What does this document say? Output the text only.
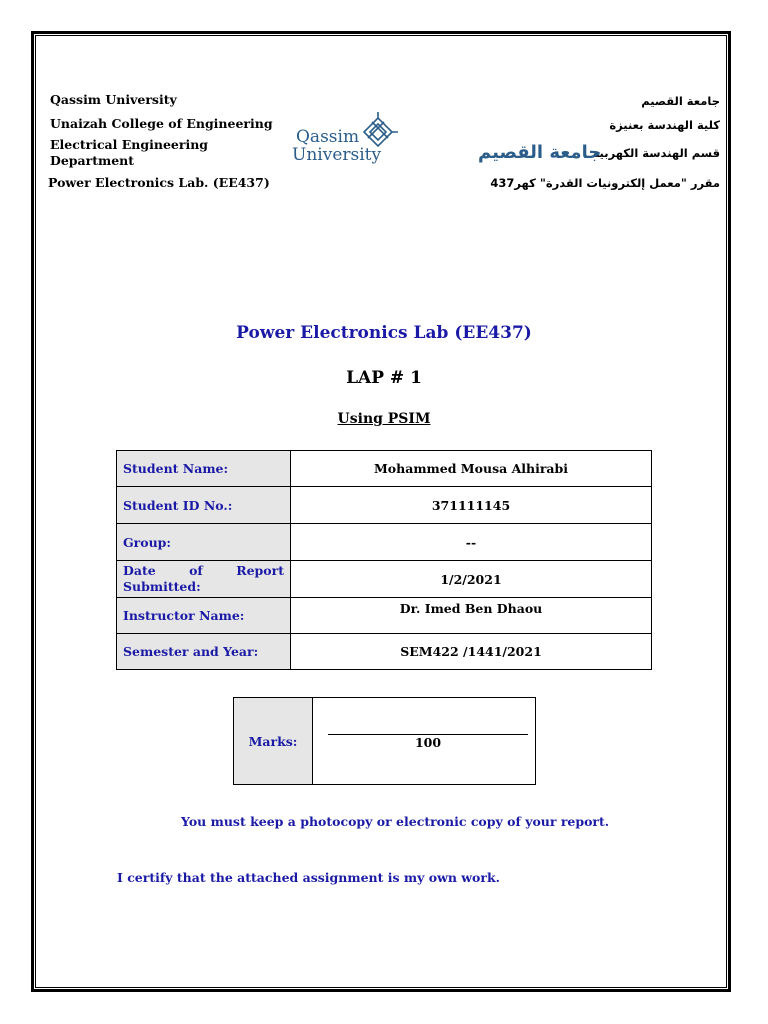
Qassim University
Unaizah College of Engineering
Electrical Engineering
Department
Power Electronics Lab. (EE437)
جامعة القصيم
كلية الهندسة بعنيزة
قسم الهندسة الكهربية
مقرر "معمل إلكترونيات القدرة" كهر437
Qassim
University	جامعة القصيم
Power Electronics Lab (EE437)
LAP # 1
Using PSIM
Student Name:	Mohammed Mousa Alhirabi
Student ID No.:	371111145
Group:	--

Date of Report
Submitted:	1/2/2021
Instructor Name:	Dr. Imed Ben Dhaou
Semester and Year:	SEM422 /1441/2021
Marks:		100
You must keep a photocopy or electronic copy of your report.
I certify that the attached assignment is my own work.
